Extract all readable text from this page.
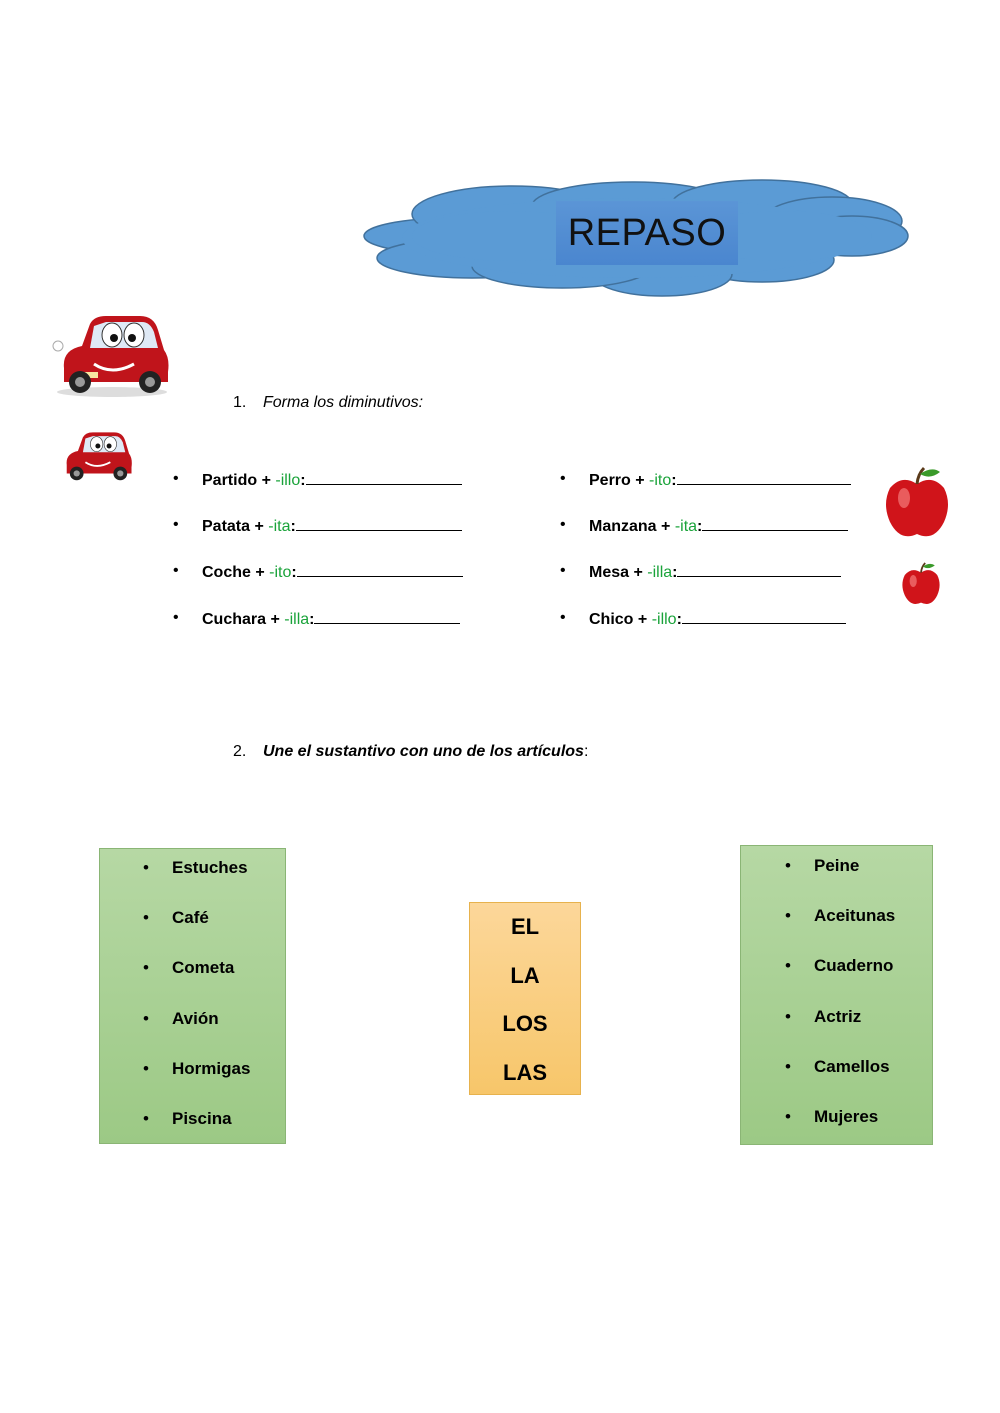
REPASO
1. Forma los diminutivos:
• Partido + -illo:
• Patata + -ita:
• Coche + -ito:
• Cuchara + -illa:
• Perro + -ito:
• Manzana + -ita:
• Mesa + -illa:
• Chico + -illo:
2. Une el sustantivo con uno de los artículos:
• Estuches
• Café
• Cometa
• Avión
• Hormigas
• Piscina
EL
LA
LOS
LAS
• Peine
• Aceitunas
• Cuaderno
• Actriz
• Camellos
• Mujeres
